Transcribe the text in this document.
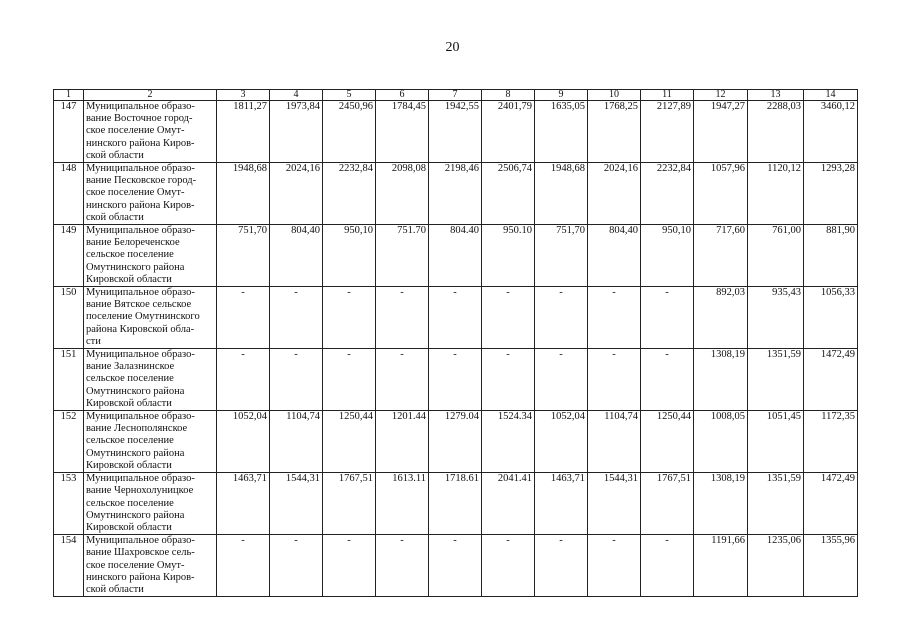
20
1	2	3	4	5	6	7	8	9	10	11	12	13	14
147	Муниципальное образо-
вание Восточное город-
ское поселение Омут-
нинского района Киров-
ской области	1811,27	1973,84	2450,96	1784,45	1942,55	2401,79	1635,05	1768,25	2127,89	1947,27	2288,03	3460,12
148	Муниципальное образо-
вание Песковское город-
ское поселение Омут-
нинского района Киров-
ской области	1948,68	2024,16	2232,84	2098,08	2198,46	2506,74	1948,68	2024,16	2232,84	1057,96	1120,12	1293,28
149	Муниципальное образо-
вание Белореченское
сельское поселение
Омутнинского района
Кировской области	751,70	804,40	950,10	751.70	804.40	950.10	751,70	804,40	950,10	717,60	761,00	881,90
150	Муниципальное образо-
вание Вятское сельское
поселение Омутнинского
района Кировской обла-
сти	-	-	-	-	-	-	-	-	-	892,03	935,43	1056,33
151	Муниципальное образо-
вание Залазнинское
сельское поселение
Омутнинского района
Кировской области	-	-	-	-	-	-	-	-	-	1308,19	1351,59	1472,49
152	Муниципальное образо-
вание Леснополянское
сельское поселение
Омутнинского района
Кировской области	1052,04	1104,74	1250,44	1201.44	1279.04	1524.34	1052,04	1104,74	1250,44	1008,05	1051,45	1172,35
153	Муниципальное образо-
вание Чернохолуницкое
сельское поселение
Омутнинского района
Кировской области	1463,71	1544,31	1767,51	1613.11	1718.61	2041.41	1463,71	1544,31	1767,51	1308,19	1351,59	1472,49
154	Муниципальное образо-
вание Шахровское сель-
ское поселение Омут-
нинского района Киров-
ской области	-	-	-	-	-	-	-	-	-	1191,66	1235,06	1355,96
